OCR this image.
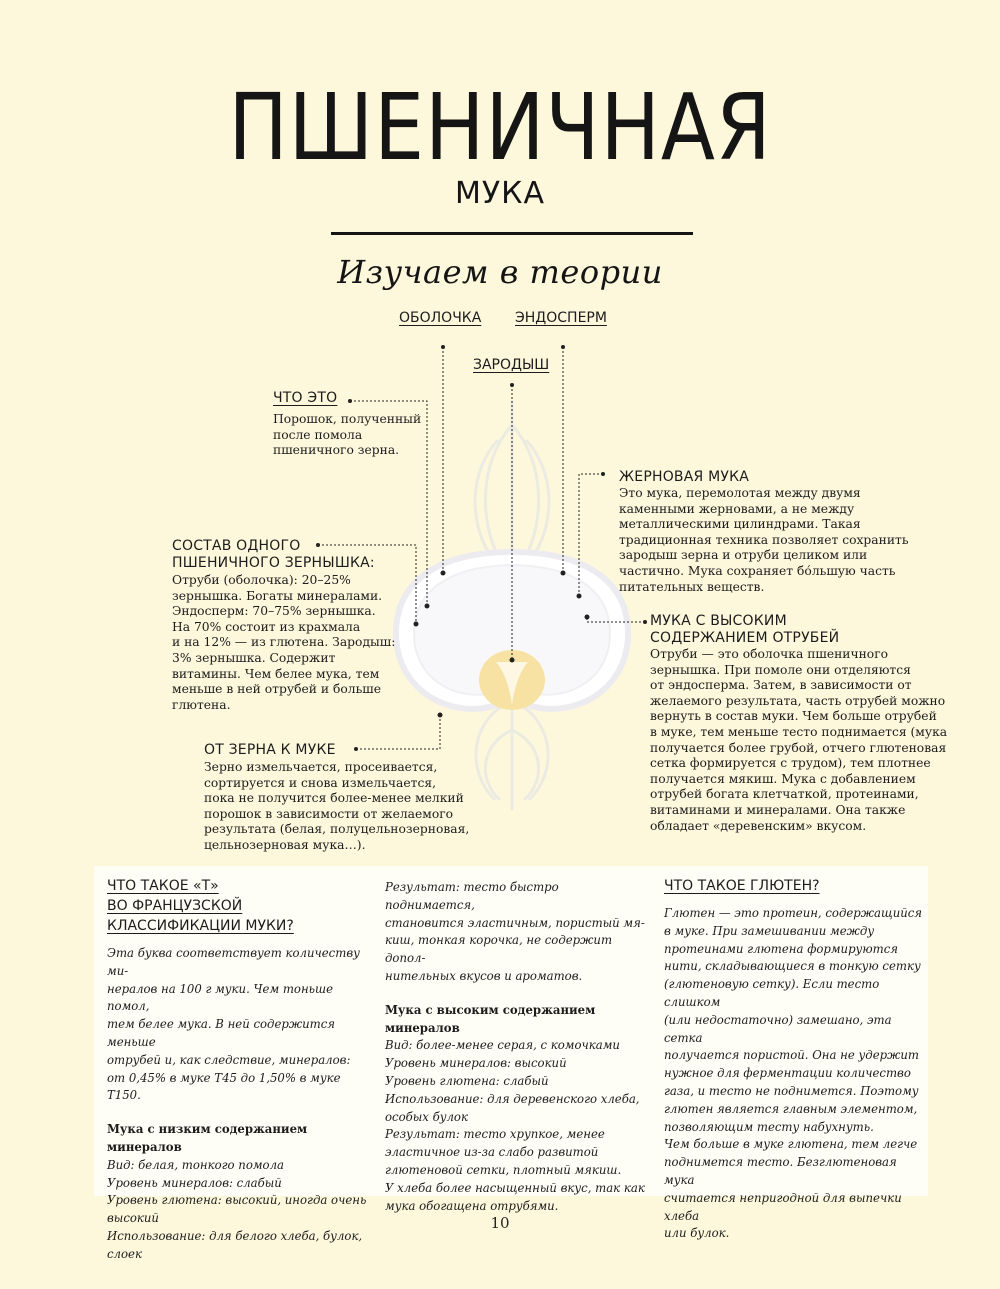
ПШЕНИЧНАЯ
МУКА
Изучаем в теории
ОБОЛОЧКА ЭНДОСПЕРМ
ЗАРОДЫШ
ЧТО ЭТО
Порошок, полученный
после помола
пшеничного зерна.
СОСТАВ ОДНОГО
ПШЕНИЧНОГО ЗЕРНЫШКА:
Отруби (оболочка): 20–25%
зернышка. Богаты минералами.
Эндосперм: 70–75% зернышка.
На 70% состоит из крахмала
и на 12% — из глютена. Зародыш:
3% зернышка. Содержит
витамины. Чем белее мука, тем
меньше в ней отрубей и больше
глютена.
ОТ ЗЕРНА К МУКЕ
Зерно измельчается, просеивается,
сортируется и снова измельчается,
пока не получится более-менее мелкий
порошок в зависимости от желаемого
результата (белая, полуцельнозерновая,
цельнозерновая мука…).
ЖЕРНОВАЯ МУКА
Это мука, перемолотая между двумя
каменными жерновами, а не между
металлическими цилиндрами. Такая
традиционная техника позволяет сохранить
зародыш зерна и отруби целиком или
частично. Мука сохраняет бо́льшую часть
питательных веществ.
МУКА С ВЫСОКИМ
СОДЕРЖАНИЕМ ОТРУБЕЙ
Отруби — это оболочка пшеничного
зернышка. При помоле они отделяются
от эндосперма. Затем, в зависимости от
желаемого результата, часть отрубей можно
вернуть в состав муки. Чем больше отрубей
в муке, тем меньше тесто поднимается (мука
получается более грубой, отчего глютеновая
сетка формируется с трудом), тем плотнее
получается мякиш. Мука с добавлением
отрубей богата клетчаткой, протеинами,
витаминами и минералами. Она также
обладает «деревенским» вкусом.
ЧТО ТАКОЕ «Т»
ВО ФРАНЦУЗСКОЙ
КЛАССИФИКАЦИИ МУКИ?

Эта буква соответствует количеству ми-

нералов на 100 г муки. Чем тоньше помол,

тем белее мука. В ней содержится меньше

отрубей и, как следствие, минералов:

от 0,45% в муке Т45 до 1,50% в муке Т150.

Мука с низким содержанием

минералов

Вид: белая, тонкого помола

Уровень минералов: слабый

Уровень глютена: высокий, иногда очень

высокий

Использование: для белого хлеба, булок,

слоек

Результат: тесто быстро поднимается,

становится эластичным, пористый мя-

киш, тонкая корочка, не содержит допол-

нительных вкусов и ароматов.

Мука с высоким содержанием

минералов

Вид: более-менее серая, с комочками

Уровень минералов: высокий

Уровень глютена: слабый

Использование: для деревенского хлеба,

особых булок

Результат: тесто хрупкое, менее

эластичное из-за слабо развитой

глютеновой сетки, плотный мякиш.

У хлеба более насыщенный вкус, так как

мука обогащена отрубями.

ЧТО ТАКОЕ ГЛЮТЕН?

Глютен — это протеин, содержащийся

в муке. При замешивании между

протеинами глютена формируются

нити, складывающиеся в тонкую сетку

(глютеновую сетку). Если тесто слишком

(или недостаточно) замешано, эта сетка

получается пористой. Она не удержит

нужное для ферментации количество

газа, и тесто не поднимется. Поэтому

глютен является главным элементом,

позволяющим тесту набухнуть.

Чем больше в муке глютена, тем легче

поднимется тесто. Безглютеновая мука

считается непригодной для выпечки хлеба

или булок.

10
